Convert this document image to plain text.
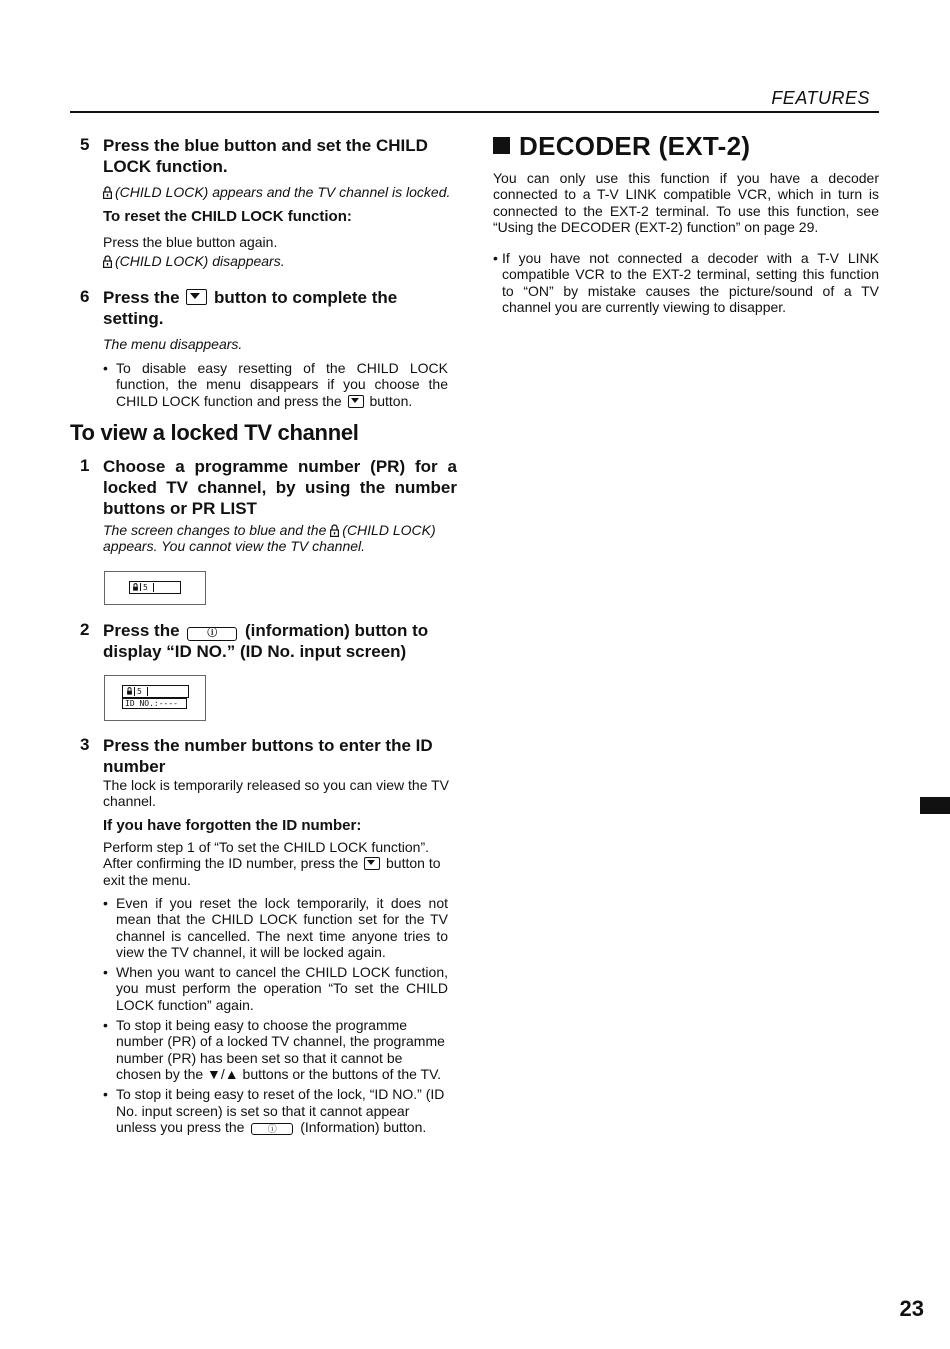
FEATURES
23
5 Press the blue button and set the CHILD LOCK function.
(CHILD LOCK) appears and the TV channel is locked.
To reset the CHILD LOCK function:
Press the blue button again.
(CHILD LOCK) disappears.
6 Press the button to complete the setting.
The menu disappears.
• To disable easy resetting of the CHILD LOCK function, the menu disappears if you choose the CHILD LOCK function and press the button.
To view a locked TV channel
1 Choose a programme number (PR) for a locked TV channel, by using the number buttons or PR LIST
The screen changes to blue and the (CHILD LOCK) appears. You cannot view the TV channel.
5
2 Press the	ⓘ (information) button to display “ID NO.” (ID No. input screen)
5
ID NO.:----
3 Press the number buttons to enter the ID number
The lock is temporarily released so you can view the TV channel.
If you have forgotten the ID number:
Perform step 1 of “To set the CHILD LOCK function”. After confirming the ID number, press the button to exit the menu.
• Even if you reset the lock temporarily, it does not mean that the CHILD LOCK function set for the TV channel is cancelled. The next time anyone tries to view the TV channel, it will be locked again.
• When you want to cancel the CHILD LOCK function, you must perform the operation “To set the CHILD LOCK function” again.
• To stop it being easy to choose the programme number (PR) of a locked TV channel, the programme number (PR) has been set so that it cannot be chosen by the ▼/▲ buttons or the buttons of the TV.
• To stop it being easy to reset of the lock, “ID NO.” (ID No. input screen) is set so that it cannot appear unless you press the	ⓘ (Information) button.
DECODER (EXT-2)
You can only use this function if you have a decoder connected to a T-V LINK compatible VCR, which in turn is connected to the EXT-2 terminal. To use this function, see “Using the DECODER (EXT-2) function” on page 29.
• If you have not connected a decoder with a T-V LINK compatible VCR to the EXT-2 terminal, setting this function to “ON” by mistake causes the picture/sound of a TV channel you are currently viewing to disapper.
